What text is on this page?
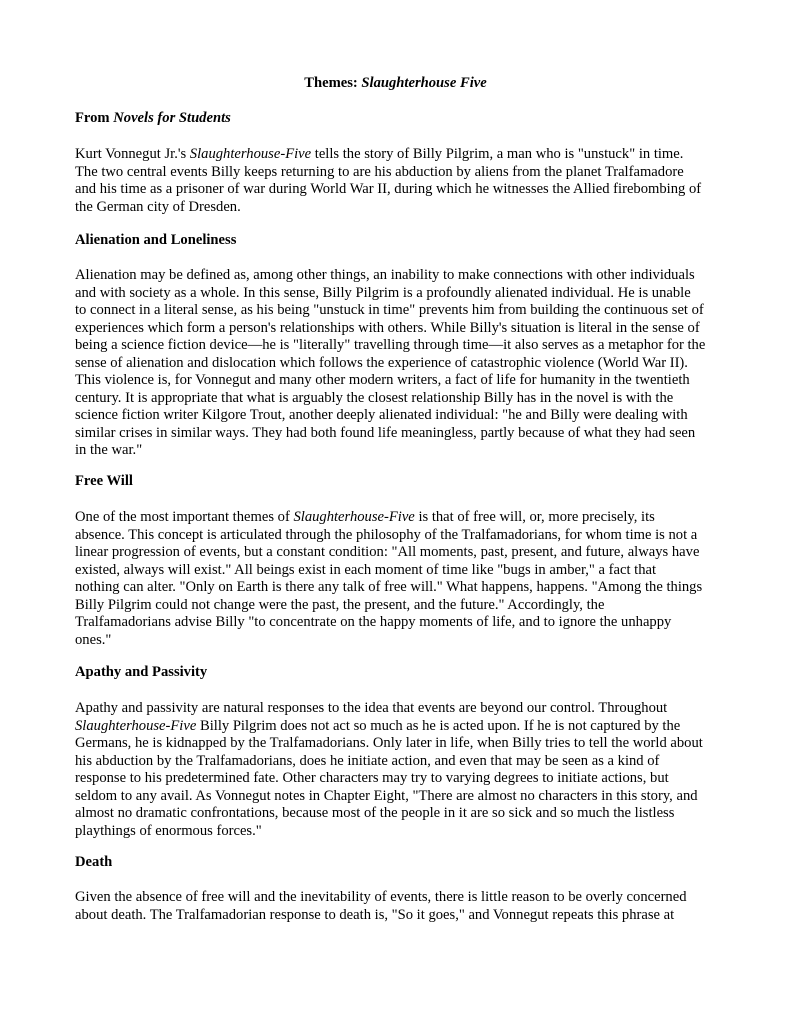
Themes: Slaughterhouse Five

From Novels for Students

Kurt Vonnegut Jr.'s Slaughterhouse-Five tells the story of Billy Pilgrim, a man who is "unstuck" in time.
The two central events Billy keeps returning to are his abduction by aliens from the planet Tralfamadore
and his time as a prisoner of war during World War II, during which he witnesses the Allied firebombing of
the German city of Dresden.

Alienation and Loneliness

Alienation may be defined as, among other things, an inability to make connections with other individuals
and with society as a whole. In this sense, Billy Pilgrim is a profoundly alienated individual. He is unable
to connect in a literal sense, as his being "unstuck in time" prevents him from building the continuous set of
experiences which form a person's relationships with others. While Billy's situation is literal in the sense of
being a science fiction device—he is "literally" travelling through time—it also serves as a metaphor for the
sense of alienation and dislocation which follows the experience of catastrophic violence (World War II).
This violence is, for Vonnegut and many other modern writers, a fact of life for humanity in the twentieth
century. It is appropriate that what is arguably the closest relationship Billy has in the novel is with the
science fiction writer Kilgore Trout, another deeply alienated individual: "he and Billy were dealing with
similar crises in similar ways. They had both found life meaningless, partly because of what they had seen
in the war."

Free Will

One of the most important themes of Slaughterhouse-Five is that of free will, or, more precisely, its
absence. This concept is articulated through the philosophy of the Tralfamadorians, for whom time is not a
linear progression of events, but a constant condition: "All moments, past, present, and future, always have
existed, always will exist." All beings exist in each moment of time like "bugs in amber," a fact that
nothing can alter. "Only on Earth is there any talk of free will." What happens, happens. "Among the things
Billy Pilgrim could not change were the past, the present, and the future." Accordingly, the
Tralfamadorians advise Billy "to concentrate on the happy moments of life, and to ignore the unhappy
ones."

Apathy and Passivity

Apathy and passivity are natural responses to the idea that events are beyond our control. Throughout
Slaughterhouse-Five Billy Pilgrim does not act so much as he is acted upon. If he is not captured by the
Germans, he is kidnapped by the Tralfamadorians. Only later in life, when Billy tries to tell the world about
his abduction by the Tralfamadorians, does he initiate action, and even that may be seen as a kind of
response to his predetermined fate. Other characters may try to varying degrees to initiate actions, but
seldom to any avail. As Vonnegut notes in Chapter Eight, "There are almost no characters in this story, and
almost no dramatic confrontations, because most of the people in it are so sick and so much the listless
playthings of enormous forces."

Death

Given the absence of free will and the inevitability of events, there is little reason to be overly concerned
about death. The Tralfamadorian response to death is, "So it goes," and Vonnegut repeats this phrase at
